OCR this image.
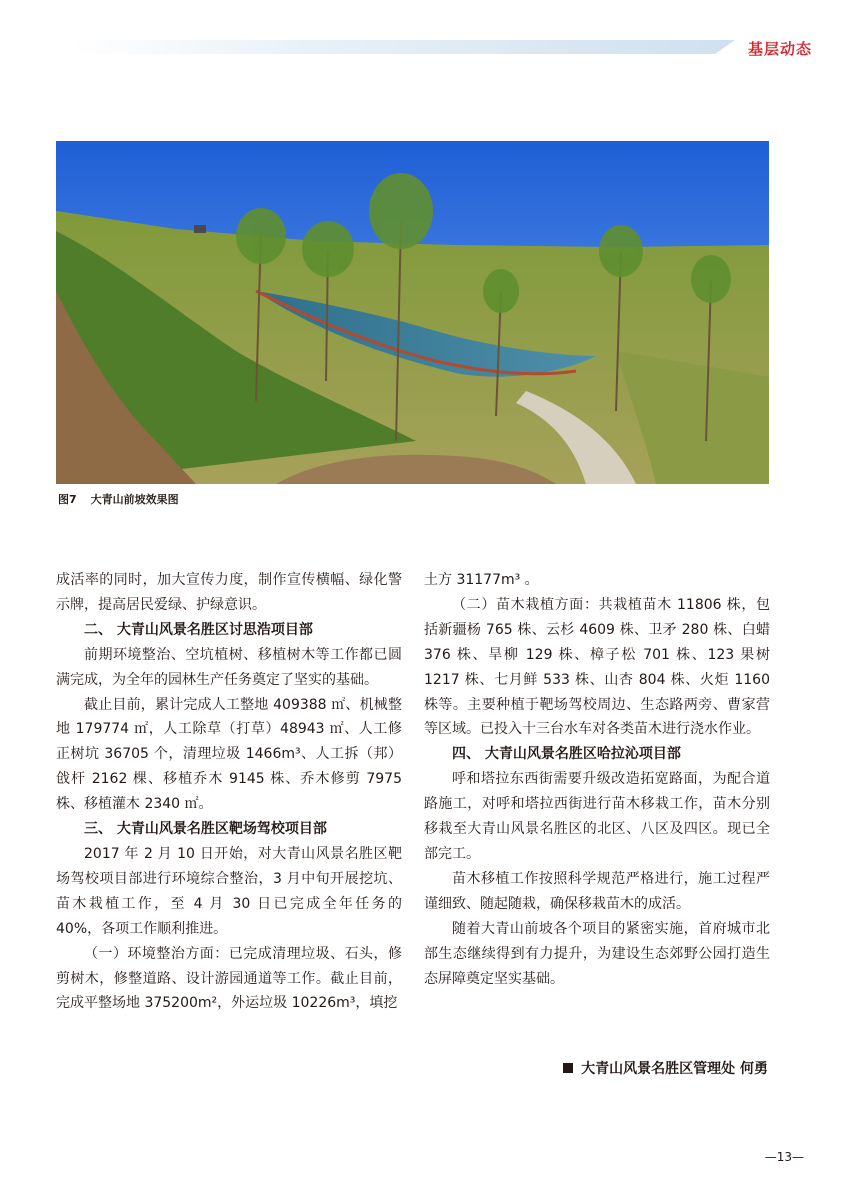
基层动态
图7 大青山前坡效果图

成活率的同时，加大宣传力度，制作宣传横幅、绿化警示牌，提高居民爱绿、护绿意识。

二、 大青山风景名胜区讨思浩项目部

前期环境整治、空坑植树、移植树木等工作都已圆满完成，为全年的园林生产任务奠定了坚实的基础。

截止目前，累计完成人工整地 409388 ㎡、机械整地 179774 ㎡，人工除草（打草）48943 ㎡、人工修正树坑 36705 个，清理垃圾 1466m³、人工拆（邦）戗杆 2162 棵、移植乔木 9145 株、乔木修剪 7975 株、移植灌木 2340 ㎡。

三、 大青山风景名胜区靶场驾校项目部

2017 年 2 月 10 日开始，对大青山风景名胜区靶场驾校项目部进行环境综合整治，3 月中旬开展挖坑、苗木栽植工作，至 4 月 30 日已完成全年任务的 40%，各项工作顺利推进。

（一）环境整治方面：已完成清理垃圾、石头，修剪树木，修整道路、设计游园通道等工作。截止目前，完成平整场地 375200m²，外运垃圾 10226m³，填挖

土方 31177m³ 。

（二）苗木栽植方面：共栽植苗木 11806 株，包括新疆杨 765 株、云杉 4609 株、卫矛 280 株、白蜡 376 株、旱柳 129 株、樟子松 701 株、123 果树 1217 株、七月鲜 533 株、山杏 804 株、火炬 1160 株等。主要种植于靶场驾校周边、生态路两旁、曹家营等区域。已投入十三台水车对各类苗木进行浇水作业。

四、 大青山风景名胜区哈拉沁项目部

呼和塔拉东西街需要升级改造拓宽路面，为配合道路施工，对呼和塔拉西街进行苗木移栽工作，苗木分别移栽至大青山风景名胜区的北区、八区及四区。现已全部完工。

苗木移植工作按照科学规范严格进行，施工过程严谨细致、随起随栽，确保移栽苗木的成活。

随着大青山前坡各个项目的紧密实施，首府城市北部生态继续得到有力提升，为建设生态郊野公园打造生态屏障奠定坚实基础。

大青山风景名胜区管理处 何勇
—13—
